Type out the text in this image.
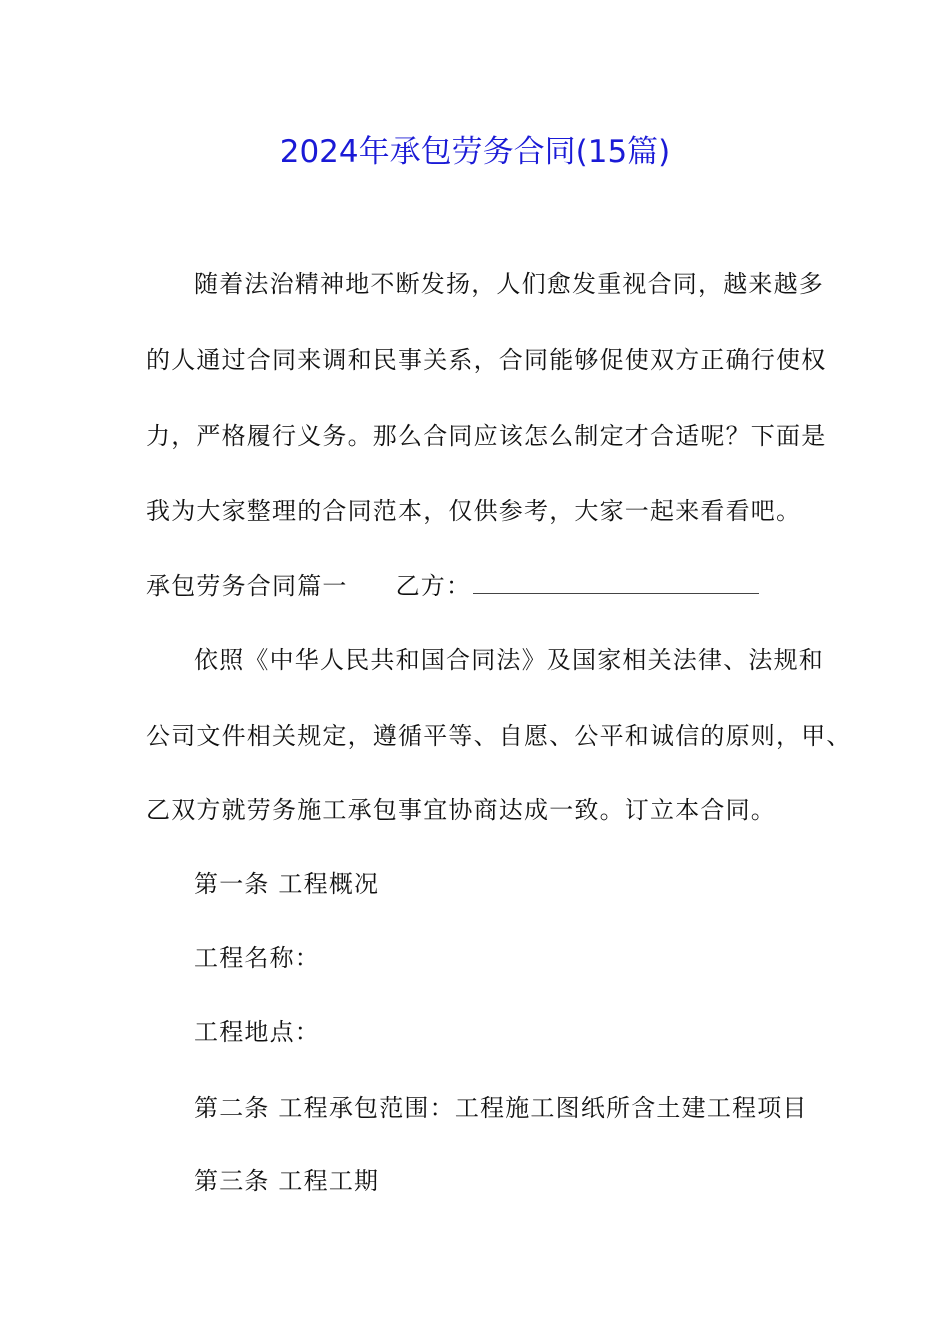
2024年承包劳务合同(15篇)
随着法治精神地不断发扬，人们愈发重视合同，越来越多
的人通过合同来调和民事关系，合同能够促使双方正确行使权
力，严格履行义务。那么合同应该怎么制定才合适呢？下面是
我为大家整理的合同范本，仅供参考，大家一起来看看吧。
承包劳务合同篇一 乙方：
依照《中华人民共和国合同法》及国家相关法律、法规和
公司文件相关规定，遵循平等、自愿、公平和诚信的原则，甲、
乙双方就劳务施工承包事宜协商达成一致。订立本合同。
第一条 工程概况
工程名称：
工程地点：
第二条 工程承包范围：工程施工图纸所含土建工程项目
第三条 工程工期
